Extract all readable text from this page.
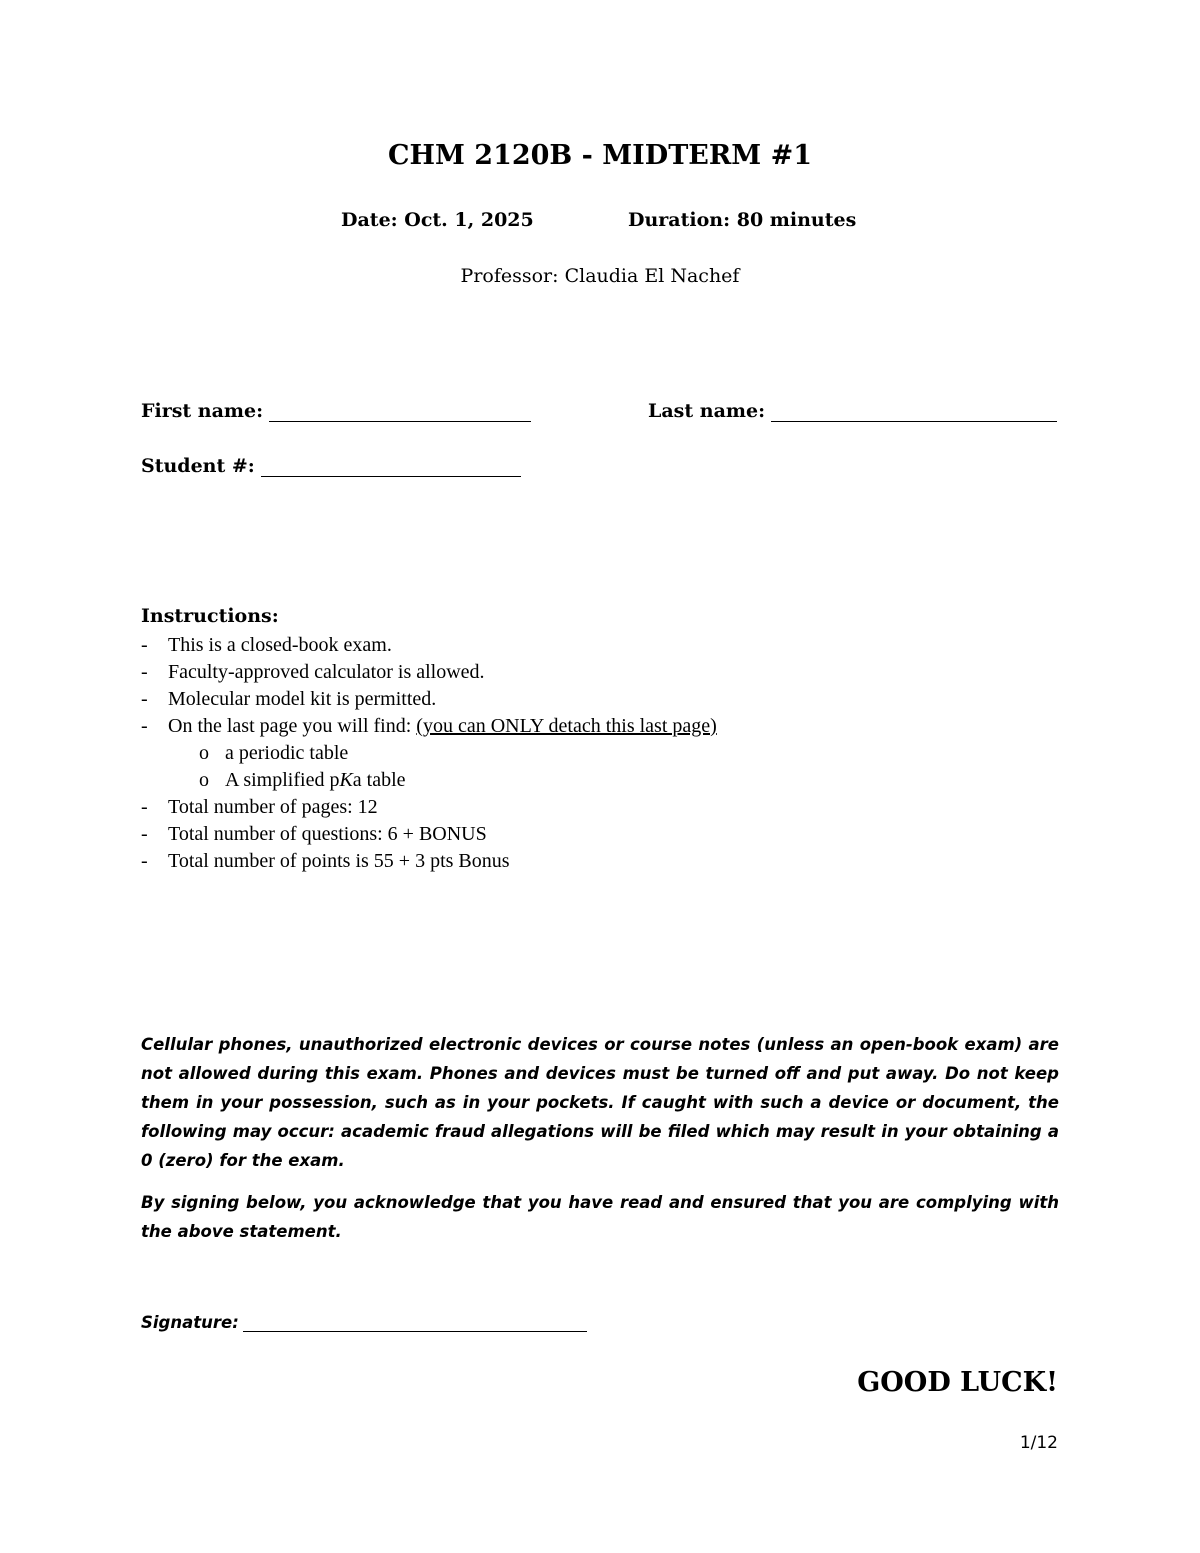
CHM 2120B - MIDTERM #1
Date: Oct. 1, 2025	Duration: 80 minutes
Professor: Claudia El Nachef
First name:	Last name:
Student #:
Instructions:
- This is a closed-book exam.
- Faculty-approved calculator is allowed.
- Molecular model kit is permitted.
- On the last page you will find: (you can ONLY detach this last page)
o a periodic table
o A simplified pKa table
- Total number of pages: 12
- Total number of questions: 6 + BONUS
- Total number of points is 55 + 3 pts Bonus

Cellular phones, unauthorized electronic devices or course notes (unless an open-book exam) are not allowed during this exam. Phones and devices must be turned off and put away. Do not keep them in your possession, such as in your pockets. If caught with such a device or document, the following may occur: academic fraud allegations will be filed which may result in your obtaining a 0 (zero) for the exam.

By signing below, you acknowledge that you have read and ensured that you are complying with the above statement.

Signature:
GOOD LUCK!
1/12
